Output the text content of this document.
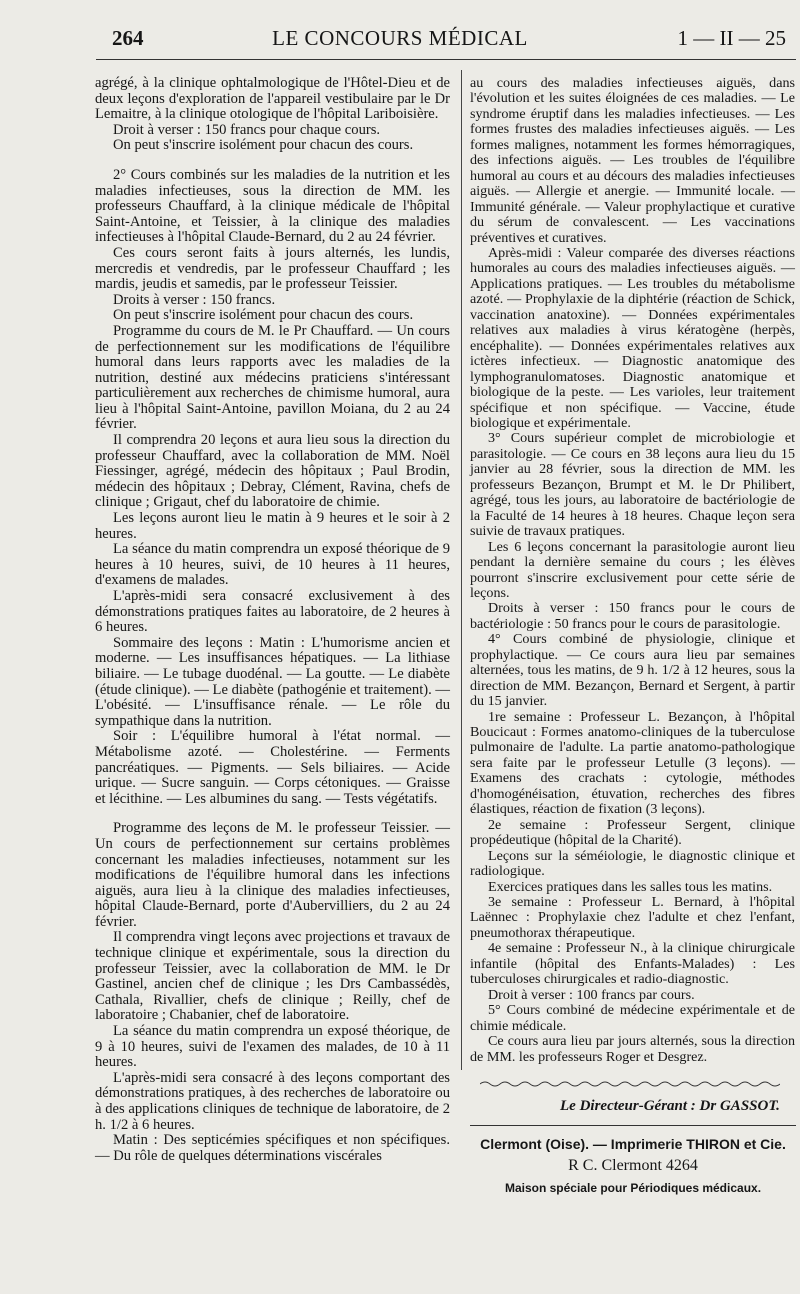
264	LE CONCOURS MÉDICAL	1 — II — 25

agrégé, à la clinique ophtalmologique de l'Hôtel-Dieu et de deux leçons d'exploration de l'appareil vestibulaire par le Dr Lemaitre, à la clinique otologique de l'hôpital Lariboisière.

Droit à verser : 150 francs pour chaque cours.

On peut s'inscrire isolément pour chacun des cours.

2° Cours combinés sur les maladies de la nutrition et les maladies infectieuses, sous la direction de MM. les professeurs Chauffard, à la clinique médicale de l'hôpital Saint-Antoine, et Teissier, à la clinique des maladies infectieuses à l'hôpital Claude-Bernard, du 2 au 24 février.

Ces cours seront faits à jours alternés, les lundis, mercredis et vendredis, par le professeur Chauffard ; les mardis, jeudis et samedis, par le professeur Teissier.

Droits à verser : 150 francs.

On peut s'inscrire isolément pour chacun des cours.

Programme du cours de M. le Pr Chauffard. — Un cours de perfectionnement sur les modifications de l'équilibre humoral dans leurs rapports avec les maladies de la nutrition, destiné aux médecins praticiens s'intéressant particulièrement aux recherches de chimisme humoral, aura lieu à l'hôpital Saint-Antoine, pavillon Moiana, du 2 au 24 février.

Il comprendra 20 leçons et aura lieu sous la direction du professeur Chauffard, avec la collaboration de MM. Noël Fiessinger, agrégé, médecin des hôpitaux ; Paul Brodin, médecin des hôpitaux ; Debray, Clément, Ravina, chefs de clinique ; Grigaut, chef du laboratoire de chimie.

Les leçons auront lieu le matin à 9 heures et le soir à 2 heures.

La séance du matin comprendra un exposé théorique de 9 heures à 10 heures, suivi, de 10 heures à 11 heures, d'examens de malades.

L'après-midi sera consacré exclusivement à des démonstrations pratiques faites au laboratoire, de 2 heures à 6 heures.

Sommaire des leçons : Matin : L'humorisme ancien et moderne. — Les insuffisances hépatiques. — La lithiase biliaire. — Le tubage duodénal. — La goutte. — Le diabète (étude clinique). — Le diabète (pathogénie et traitement). — L'obésité. — L'insuffisance rénale. — Le rôle du sympathique dans la nutrition.

Soir : L'équilibre humoral à l'état normal. — Métabolisme azoté. — Cholestérine. — Ferments pancréatiques. — Pigments. — Sels biliaires. — Acide urique. — Sucre sanguin. — Corps cétoniques. — Graisse et lécithine. — Les albumines du sang. — Tests végétatifs.

Programme des leçons de M. le professeur Teissier. — Un cours de perfectionnement sur certains problèmes concernant les maladies infectieuses, notamment sur les modifications de l'équilibre humoral dans les infections aiguës, aura lieu à la clinique des maladies infectieuses, hôpital Claude-Bernard, porte d'Aubervilliers, du 2 au 24 février.

Il comprendra vingt leçons avec projections et travaux de technique clinique et expérimentale, sous la direction du professeur Teissier, avec la collaboration de MM. le Dr Gastinel, ancien chef de clinique ; les Drs Cambassédès, Cathala, Rivallier, chefs de clinique ; Reilly, chef de laboratoire ; Chabanier, chef de laboratoire.

La séance du matin comprendra un exposé théorique, de 9 à 10 heures, suivi de l'examen des malades, de 10 à 11 heures.

L'après-midi sera consacré à des leçons comportant des démonstrations pratiques, à des recherches de laboratoire ou à des applications cliniques de technique de laboratoire, de 2 h. 1/2 à 6 heures.

Matin : Des septicémies spécifiques et non spécifiques. — Du rôle de quelques déterminations viscérales

au cours des maladies infectieuses aiguës, dans l'évolution et les suites éloignées de ces maladies. — Le syndrome éruptif dans les maladies infectieuses. — Les formes frustes des maladies infectieuses aiguës. — Les formes malignes, notamment les formes hémorragiques, des infections aiguës. — Les troubles de l'équilibre humoral au cours et au décours des maladies infectieuses aiguës. — Allergie et anergie. — Immunité locale. — Immunité générale. — Valeur prophylactique et curative du sérum de convalescent. — Les vaccinations préventives et curatives.

Après-midi : Valeur comparée des diverses réactions humorales au cours des maladies infectieuses aiguës. — Applications pratiques. — Les troubles du métabolisme azoté. — Prophylaxie de la diphtérie (réaction de Schick, vaccination anatoxine). — Données expérimentales relatives aux maladies à virus kératogène (herpès, encéphalite). — Données expérimentales relatives aux ictères infectieux. — Diagnostic anatomique des lymphogranulomatoses. Diagnostic anatomique et biologique de la peste. — Les varioles, leur traitement spécifique et non spécifique. — Vaccine, étude biologique et expérimentale.

3° Cours supérieur complet de microbiologie et parasitologie. — Ce cours en 38 leçons aura lieu du 15 janvier au 28 février, sous la direction de MM. les professeurs Bezançon, Brumpt et M. le Dr Philibert, agrégé, tous les jours, au laboratoire de bactériologie de la Faculté de 14 heures à 18 heures. Chaque leçon sera suivie de travaux pratiques.

Les 6 leçons concernant la parasitologie auront lieu pendant la dernière semaine du cours ; les élèves pourront s'inscrire exclusivement pour cette série de leçons.

Droits à verser : 150 francs pour le cours de bactériologie : 50 francs pour le cours de parasitologie.

4° Cours combiné de physiologie, clinique et prophylactique. — Ce cours aura lieu par semaines alternées, tous les matins, de 9 h. 1/2 à 12 heures, sous la direction de MM. Bezançon, Bernard et Sergent, à partir du 15 janvier.

1re semaine : Professeur L. Bezançon, à l'hôpital Boucicaut : Formes anatomo-cliniques de la tuberculose pulmonaire de l'adulte. La partie anatomo-pathologique sera faite par le professeur Letulle (3 leçons). — Examens des crachats : cytologie, méthodes d'homogénéisation, étuvation, recherches des fibres élastiques, réaction de fixation (3 leçons).

2e semaine : Professeur Sergent, clinique propédeutique (hôpital de la Charité).

Leçons sur la séméiologie, le diagnostic clinique et radiologique.

Exercices pratiques dans les salles tous les matins.

3e semaine : Professeur L. Bernard, à l'hôpital Laënnec : Prophylaxie chez l'adulte et chez l'enfant, pneumothorax thérapeutique.

4e semaine : Professeur N., à la clinique chirurgicale infantile (hôpital des Enfants-Malades) : Les tuberculoses chirurgicales et radio-diagnostic.

Droit à verser : 100 francs par cours.

5° Cours combiné de médecine expérimentale et de chimie médicale.

Ce cours aura lieu par jours alternés, sous la direction de MM. les professeurs Roger et Desgrez.

Le Directeur-Gérant : Dr GASSOT.
Clermont (Oise). — Imprimerie THIRON et Cie.
R C. Clermont 4264
Maison spéciale pour Périodiques médicaux.
